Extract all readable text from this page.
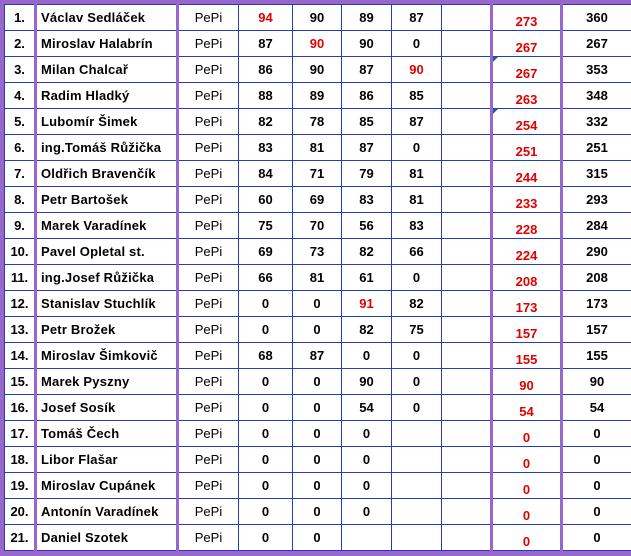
1.	Václav Sedláček	PePi	94	90	89	87		273	360
2.	Miroslav Halabrín	PePi	87	90	90	0		267	267
3.	Milan Chalcař	PePi	86	90	87	90		267	353
4.	Radim Hladký	PePi	88	89	86	85		263	348
5.	Lubomír Šimek	PePi	82	78	85	87		254	332
6.	ing.Tomáš Růžička	PePi	83	81	87	0		251	251
7.	Oldřich Bravenčík	PePi	84	71	79	81		244	315
8.	Petr Bartošek	PePi	60	69	83	81		233	293
9.	Marek Varadínek	PePi	75	70	56	83		228	284
10.	Pavel Opletal st.	PePi	69	73	82	66		224	290
11.	ing.Josef Růžička	PePi	66	81	61	0		208	208
12.	Stanislav Stuchlík	PePi	0	0	91	82		173	173
13.	Petr Brožek	PePi	0	0	82	75		157	157
14.	Miroslav Šimkovič	PePi	68	87	0	0		155	155
15.	Marek Pyszny	PePi	0	0	90	0		90	90
16.	Josef Sosík	PePi	0	0	54	0		54	54
17.	Tomáš Čech	PePi	0	0	0			0	0
18.	Libor Flašar	PePi	0	0	0			0	0
19.	Miroslav Cupánek	PePi	0	0	0			0	0
20.	Antonín Varadínek	PePi	0	0	0			0	0
21.	Daniel Szotek	PePi	0	0				0	0
